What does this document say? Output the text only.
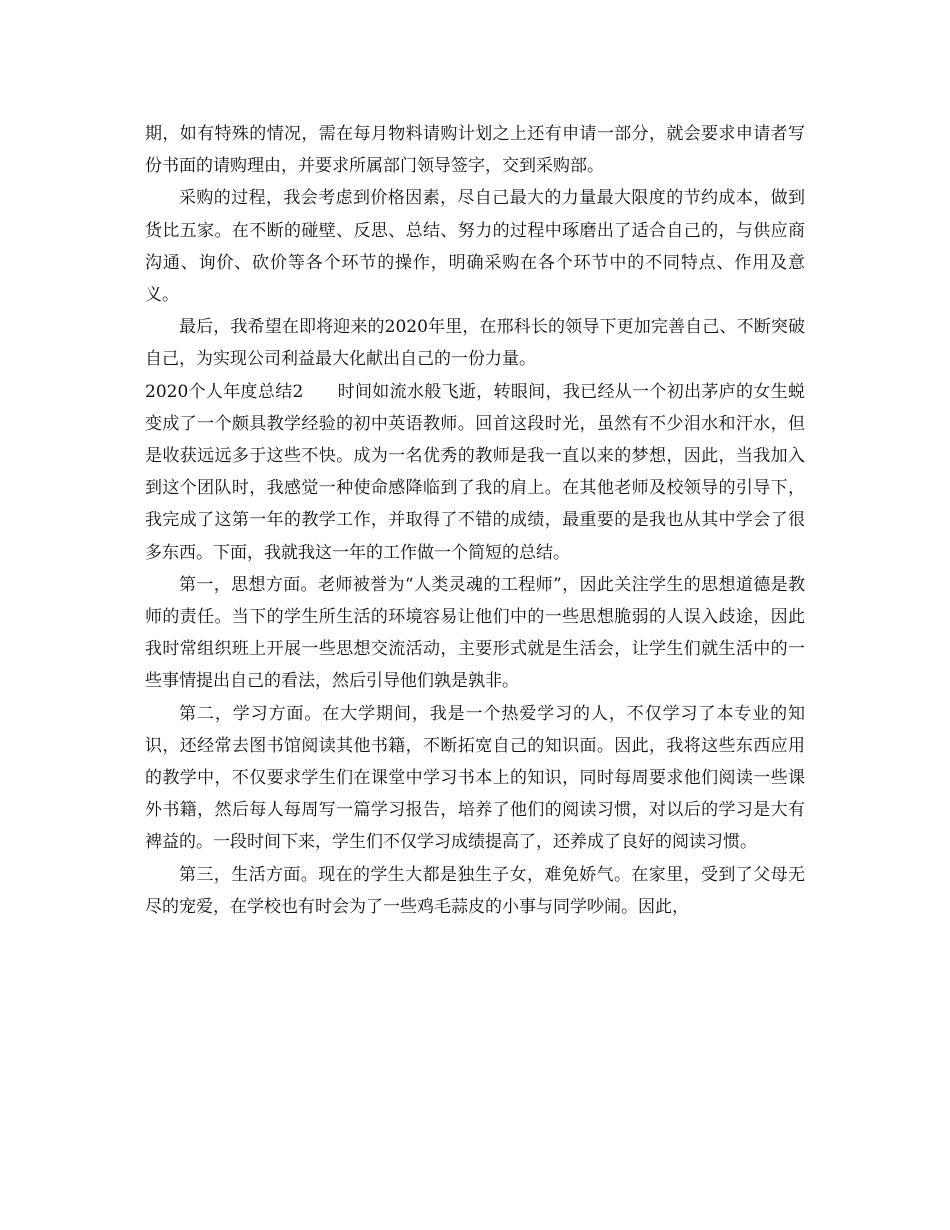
期，如有特殊的情况，需在每月物料请购计划之上还有申请一部分，就会要求申请者写份书面的请购理由，并要求所属部门领导签字，交到采购部。

采购的过程，我会考虑到价格因素，尽自己最大的力量最大限度的节约成本，做到货比五家。在不断的碰壁、反思、总结、努力的过程中琢磨出了适合自己的，与供应商沟通、询价、砍价等各个环节的操作，明确采购在各个环节中的不同特点、作用及意义。

最后，我希望在即将迎来的2020年里，在邢科长的领导下更加完善自己、不断突破自己，为实现公司利益最大化献出自己的一份力量。

2020个人年度总结2 时间如流水般飞逝，转眼间，我已经从一个初出茅庐的女生蜕变成了一个颇具教学经验的初中英语教师。回首这段时光，虽然有不少泪水和汗水，但是收获远远多于这些不快。成为一名优秀的教师是我一直以来的梦想，因此，当我加入到这个团队时，我感觉一种使命感降临到了我的肩上。在其他老师及校领导的引导下，我完成了这第一年的教学工作，并取得了不错的成绩，最重要的是我也从其中学会了很多东西。下面，我就我这一年的工作做一个简短的总结。

第一，思想方面。老师被誉为“人类灵魂的工程师”，因此关注学生的思想道德是教师的责任。当下的学生所生活的环境容易让他们中的一些思想脆弱的人误入歧途，因此我时常组织班上开展一些思想交流活动，主要形式就是生活会，让学生们就生活中的一些事情提出自己的看法，然后引导他们孰是孰非。

第二，学习方面。在大学期间，我是一个热爱学习的人，不仅学习了本专业的知识，还经常去图书馆阅读其他书籍，不断拓宽自己的知识面。因此，我将这些东西应用的教学中，不仅要求学生们在课堂中学习书本上的知识，同时每周要求他们阅读一些课外书籍，然后每人每周写一篇学习报告，培养了他们的阅读习惯，对以后的学习是大有裨益的。一段时间下来，学生们不仅学习成绩提高了，还养成了良好的阅读习惯。

第三，生活方面。现在的学生大都是独生子女，难免娇气。在家里，受到了父母无尽的宠爱，在学校也有时会为了一些鸡毛蒜皮的小事与同学吵闹。因此，
